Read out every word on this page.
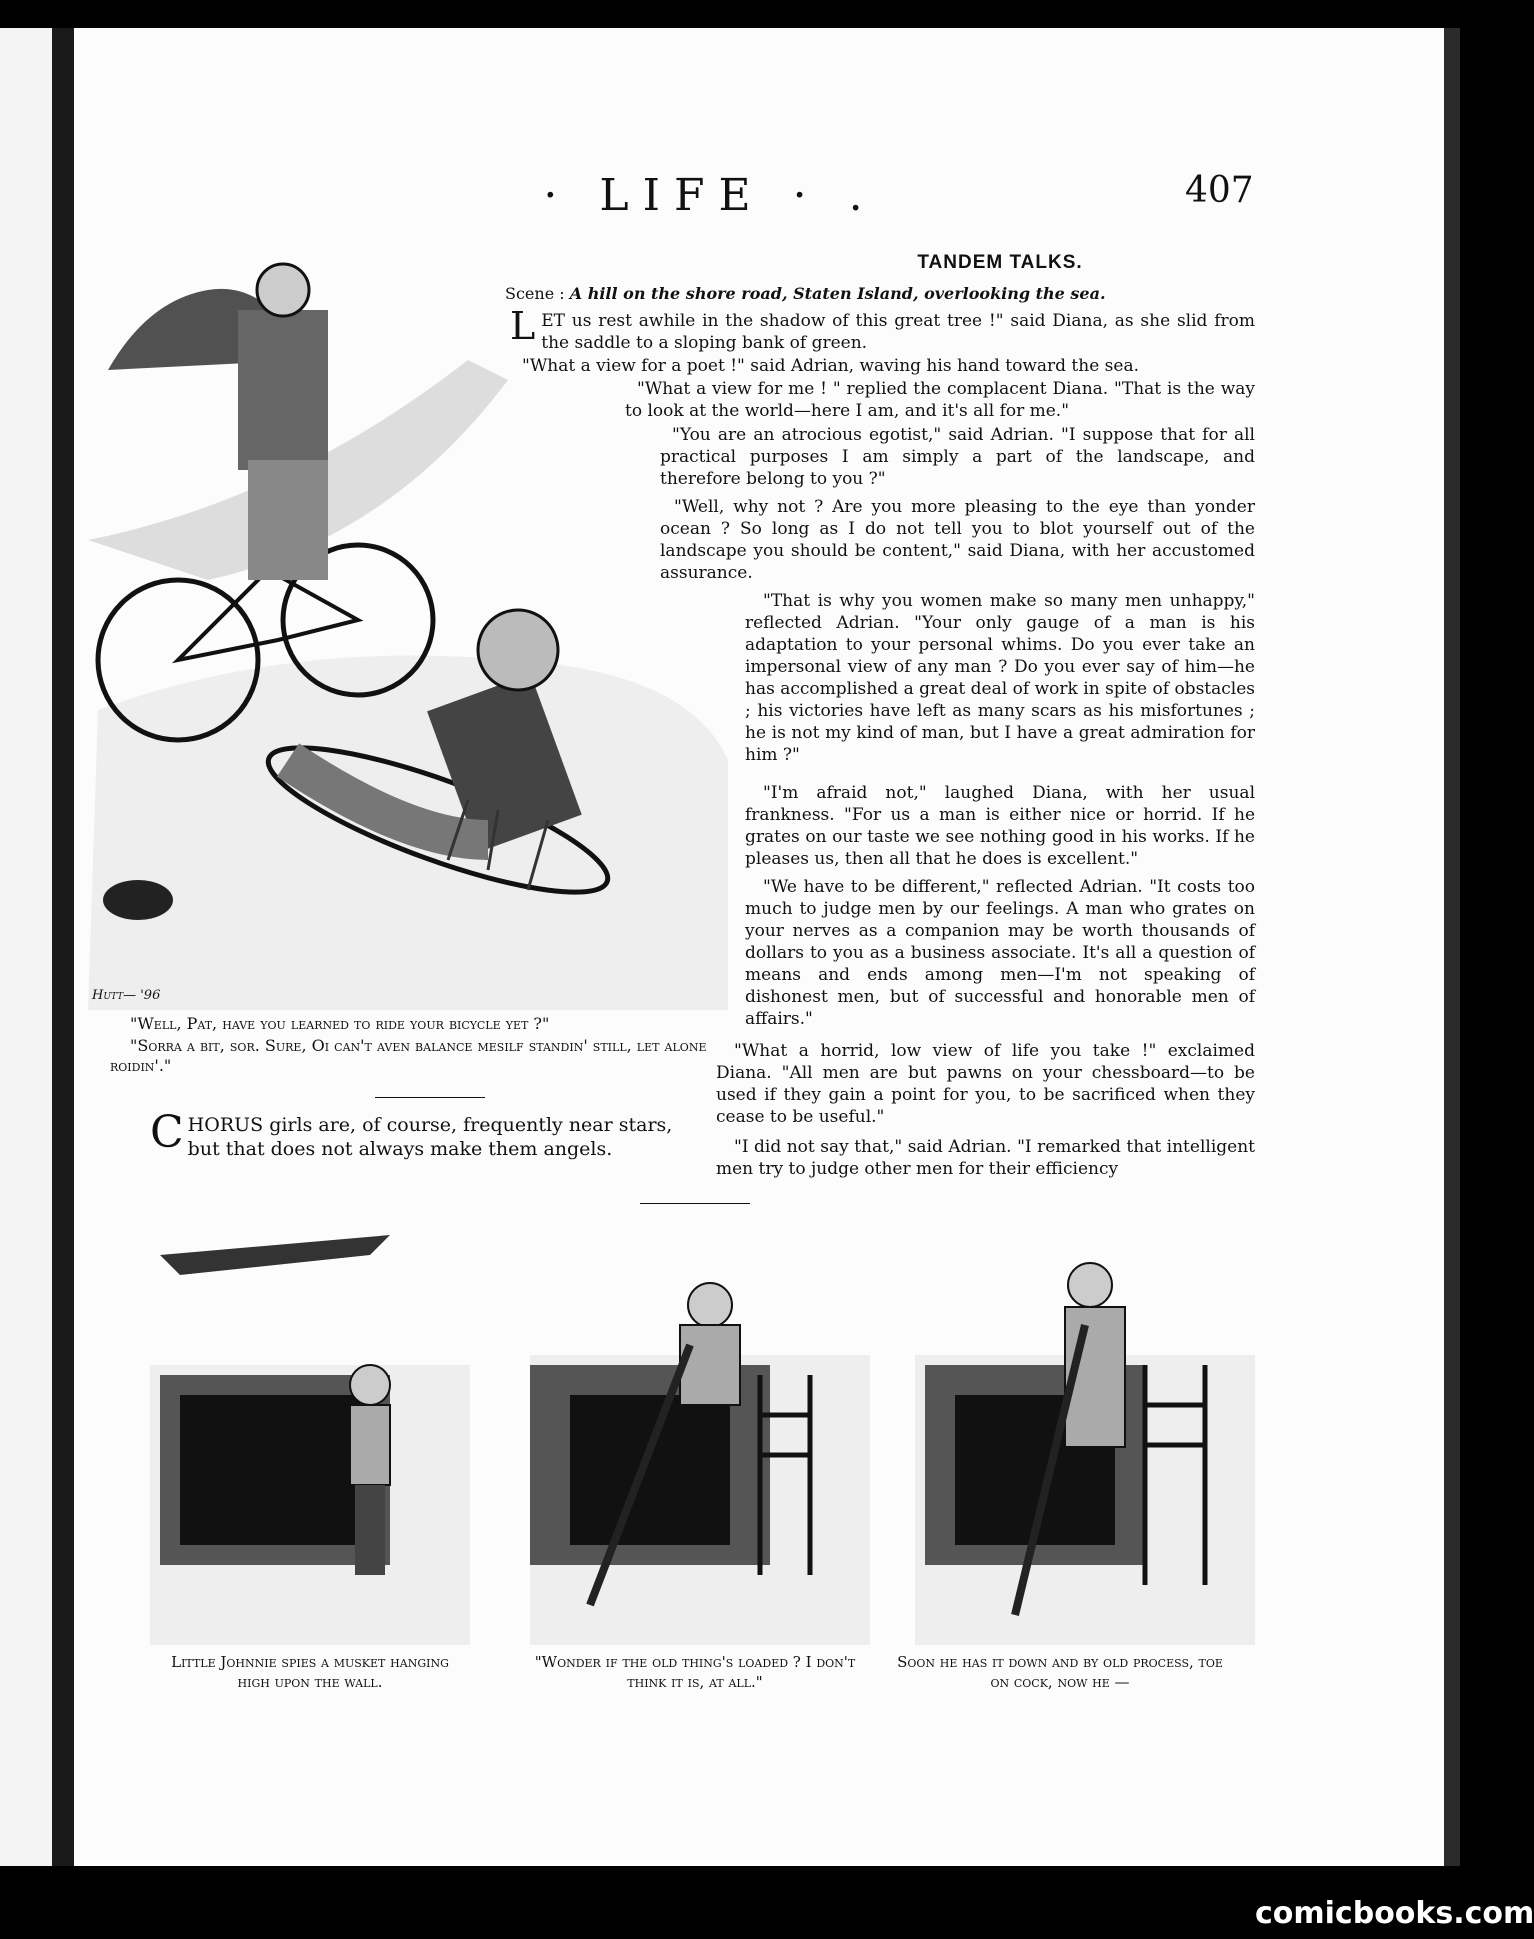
· LIFE · .	407
TANDEM TALKS.
Scene : A hill on the shore road, Staten Island, overlooking the sea.
Hutt— '96
"Well, Pat, have you learned to ride your bicycle yet ?"
"Sorra a bit, sor. Sure, Oi can't aven balance mesilf standin' still, let alone roidin'."
C HORUS girls are, of course, frequently near stars, but that does not always make them angels.
L ET us rest awhile in the shadow of this great tree !" said Diana, as she slid from the saddle to a sloping bank of green.

"What a view for a poet !" said Adrian, waving his hand toward the sea.

"What a view for me ! " replied the complacent Diana. "That is the way to look at the world—here I am, and it's all for me."

"You are an atrocious egotist," said Adrian. "I suppose that for all practical purposes I am simply a part of the landscape, and therefore belong to you ?"

"Well, why not ? Are you more pleasing to the eye than yonder ocean ? So long as I do not tell you to blot yourself out of the landscape you should be content," said Diana, with her accustomed assurance.

"That is why you women make so many men unhappy," reflected Adrian. "Your only gauge of a man is his adaptation to your personal whims. Do you ever take an impersonal view of any man ? Do you ever say of him—he has accomplished a great deal of work in spite of obstacles ; his victories have left as many scars as his misfortunes ; he is not my kind of man, but I have a great admiration for him ?"

"I'm afraid not," laughed Diana, with her usual frankness. "For us a man is either nice or horrid. If he grates on our taste we see nothing good in his works. If he pleases us, then all that he does is excellent."

"We have to be different," reflected Adrian. "It costs too much to judge men by our feelings. A man who grates on your nerves as a companion may be worth thousands of dollars to you as a business associate. It's all a question of means and ends among men—I'm not speaking of dishonest men, but of successful and honorable men of affairs."

"What a horrid, low view of life you take !" exclaimed Diana. "All men are but pawns on your chessboard—to be used if they gain a point for you, to be sacrificed when they cease to be useful."

"I did not say that," said Adrian. "I remarked that intelligent men try to judge other men for their efficiency

Little Johnnie spies a musket hanging high upon the wall.
"Wonder if the old thing's loaded ? I don't think it is, at all."
Soon he has it down and by old process, toe on cock, now he —
comicbooks.com
